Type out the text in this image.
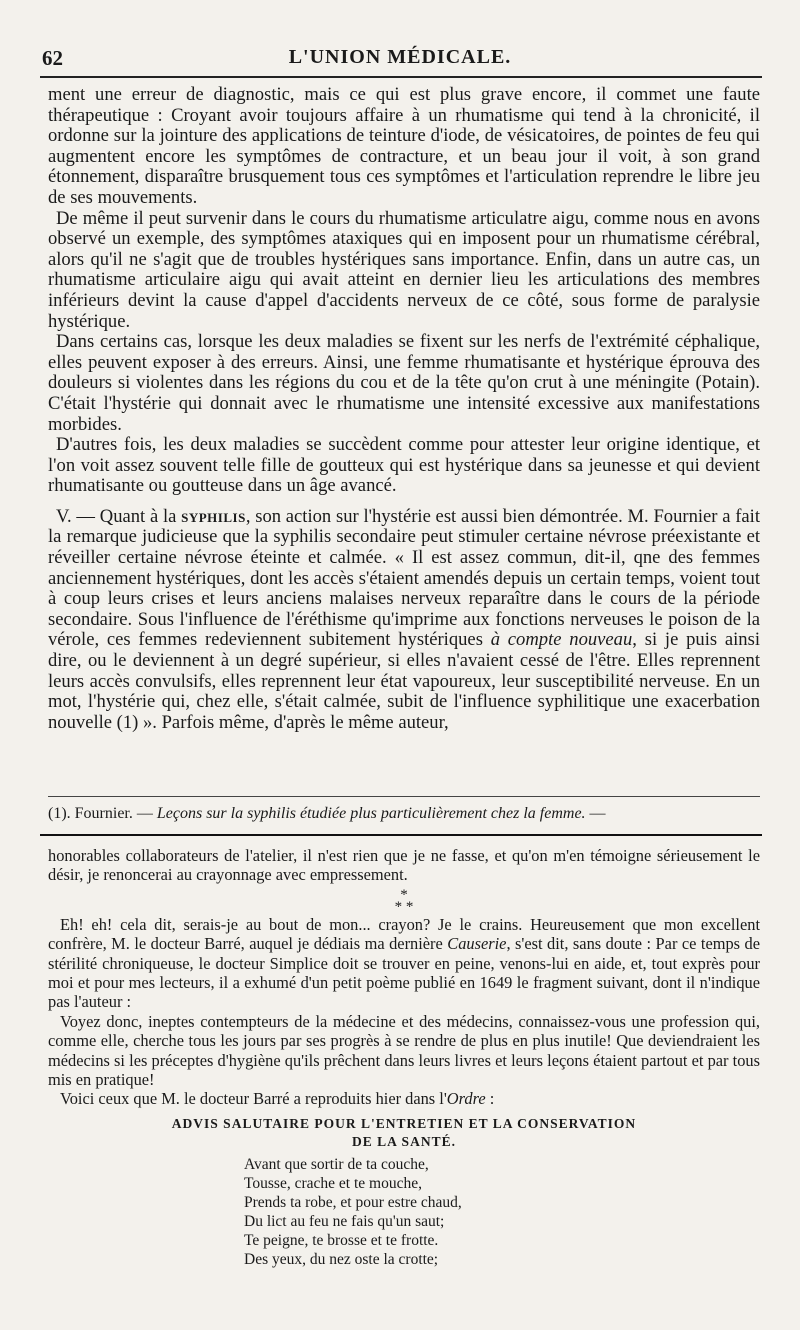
62	L'UNION MÉDICALE.

ment une erreur de diagnostic, mais ce qui est plus grave encore, il commet une faute thérapeutique : Croyant avoir toujours affaire à un rhumatisme qui tend à la chronicité, il ordonne sur la jointure des applications de teinture d'iode, de vésicatoires, de pointes de feu qui augmentent encore les symptômes de contracture, et un beau jour il voit, à son grand étonnement, disparaître brusquement tous ces symptômes et l'articulation reprendre le libre jeu de ses mouvements.

De même il peut survenir dans le cours du rhumatisme articulatre aigu, comme nous en avons observé un exemple, des symptômes ataxiques qui en imposent pour un rhumatisme cérébral, alors qu'il ne s'agit que de troubles hystériques sans importance. Enfin, dans un autre cas, un rhumatisme articulaire aigu qui avait atteint en dernier lieu les articulations des membres inférieurs devint la cause d'appel d'accidents nerveux de ce côté, sous forme de paralysie hystérique.

Dans certains cas, lorsque les deux maladies se fixent sur les nerfs de l'extrémité céphalique, elles peuvent exposer à des erreurs. Ainsi, une femme rhumatisante et hystérique éprouva des douleurs si violentes dans les régions du cou et de la tête qu'on crut à une méningite (Potain). C'était l'hystérie qui donnait avec le rhumatisme une intensité excessive aux manifestations morbides.

D'autres fois, les deux maladies se succèdent comme pour attester leur origine identique, et l'on voit assez souvent telle fille de goutteux qui est hystérique dans sa jeunesse et qui devient rhumatisante ou goutteuse dans un âge avancé.

V. — Quant à la syphilis, son action sur l'hystérie est aussi bien démontrée. M. Fournier a fait la remarque judicieuse que la syphilis secondaire peut stimuler certaine névrose préexistante et réveiller certaine névrose éteinte et calmée. « Il est assez commun, dit-il, qne des femmes anciennement hystériques, dont les accès s'étaient amendés depuis un certain temps, voient tout à coup leurs crises et leurs anciens malaises nerveux reparaître dans le cours de la période secondaire. Sous l'influence de l'éréthisme qu'imprime aux fonctions nerveuses le poison de la vérole, ces femmes redeviennent subitement hystériques à compte nouveau, si je puis ainsi dire, ou le deviennent à un degré supérieur, si elles n'avaient cessé de l'être. Elles reprennent leurs accès convulsifs, elles reprennent leur état vapoureux, leur susceptibilité nerveuse. En un mot, l'hystérie qui, chez elle, s'était calmée, subit de l'influence syphilitique une exacerbation nouvelle (1) ». Parfois même, d'après le même auteur,

(1). Fournier. — Leçons sur la syphilis étudiée plus particulièrement chez la femme. —

honorables collaborateurs de l'atelier, il n'est rien que je ne fasse, et qu'on m'en témoigne sérieusement le désir, je renoncerai au crayonnage avec empressement.

*
* *

Eh! eh! cela dit, serais-je au bout de mon... crayon? Je le crains. Heureusement que mon excellent confrère, M. le docteur Barré, auquel je dédiais ma dernière Causerie, s'est dit, sans doute : Par ce temps de stérilité chroniqueuse, le docteur Simplice doit se trouver en peine, venons-lui en aide, et, tout exprès pour moi et pour mes lecteurs, il a exhumé d'un petit poème publié en 1649 le fragment suivant, dont il n'indique pas l'auteur :

Voyez donc, ineptes contempteurs de la médecine et des médecins, connaissez-vous une profession qui, comme elle, cherche tous les jours par ses progrès à se rendre de plus en plus inutile! Que deviendraient les médecins si les préceptes d'hygiène qu'ils prêchent dans leurs livres et leurs leçons étaient partout et par tous mis en pratique!

Voici ceux que M. le docteur Barré a reproduits hier dans l'Ordre :

ADVIS SALUTAIRE POUR L'ENTRETIEN ET LA CONSERVATION
DE LA SANTÉ.
Avant que sortir de ta couche,
Tousse, crache et te mouche,
Prends ta robe, et pour estre chaud,
Du lict au feu ne fais qu'un saut;
Te peigne, te brosse et te frotte.
Des yeux, du nez oste la crotte;
